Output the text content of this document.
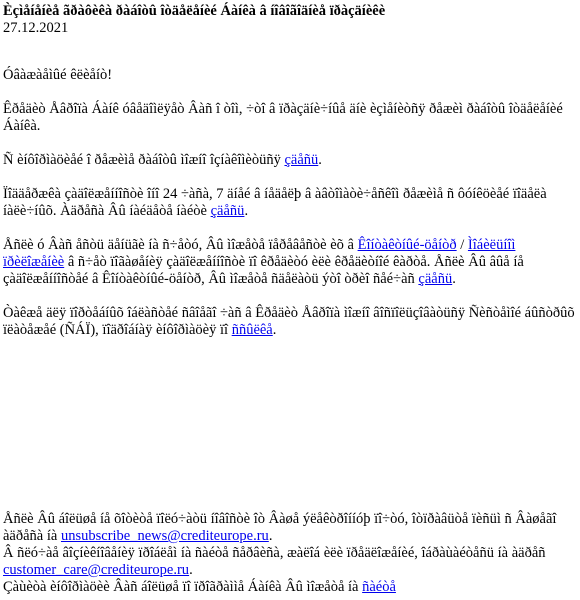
Èçìåíåíèå ãðàôèêà ðàáîòû îòäåëåíèé Áàíêà â íîâîãîäíèå ïðàçäíèêè
27.12.2021

Óâàæàåìûé êëèåíò!

Êðåäèò Åâðîïà Áàíê óâåäîìëÿåò Âàñ î òîì, ÷òî â ïðàçäíè÷íûå äíè èçìåíèòñÿ ðåæèì ðàáîòû îòäåëåíèé Áàíêà.

Ñ èíôîðìàöèåé î ðåæèìå ðàáîòû ìîæíî îçíàêîìèòüñÿ çäåñü.

Ïîääåðæêà çàäîëæåííîñòè îíî 24 ÷àñà, 7 äíåé â íåäåëþ â àâòîìàòè÷åñêîì ðåæèìå ñ ôóíêöèåé ïîäåëà íàëè÷íûõ. Àäðåñà Âû íàéäåòå íàéòè çäåñü.

Åñëè ó Âàñ åñòü äåíüãè íà ñ÷åòó, Âû ìîæåòå ïåðåâåñòè èõ â Êîíòàêòíûé-öåíòð / Ìîáèëüíîì ïðèëîæåíèè â ñ÷åò ïîãàøåíèÿ çàäîëæåííîñòè ïî êðåäèòó èëè êðåäèòíîé êàðòå. Åñëè Âû âûå íå çàäîëæåííîñòåé â Êîíòàêòíûé-öåíòð, Âû ìîæåòå ñäåëàòü ýòî òðèî ñåé÷àñ çäåñü.

Òàêæå äëÿ ïîðòåáíûõ îáëàñòåé ñâîåãî ÷àñ â Êðåäèò Åâðîïà ìîæíî âîñïîëüçîâàòüñÿ Ñèñòåìîé áûñòðûõ ïëàòåæåé (ÑÁÏ), ïîäðîáíàÿ èíôîðìàöèÿ ïî ññûëêå.

Åñëè Âû áîëüøå íå õîòèòå ïîëó÷àòü íîâîñòè îò Âàøå ýëåêòðîííóþ ïî÷òó, îòïðàâüòå ïèñüì ñ Âàøåãî àäðåñà íà unsubscribe_news@crediteurope.ru.

Â ñëó÷àå âîçíèêíîâåíèÿ ïðîáëåì íà ñàéòå ñåðâèñà, æàëîá èëè ïðåäëîæåíèé, îáðàùàéòåñü íà àäðåñ customer_care@crediteurope.ru.

Çàùèòà èíôîðìàöèè Âàñ áîëüøå ïî ïðîãðàììå Áàíêà Âû ìîæåòå íà ñàéòå
